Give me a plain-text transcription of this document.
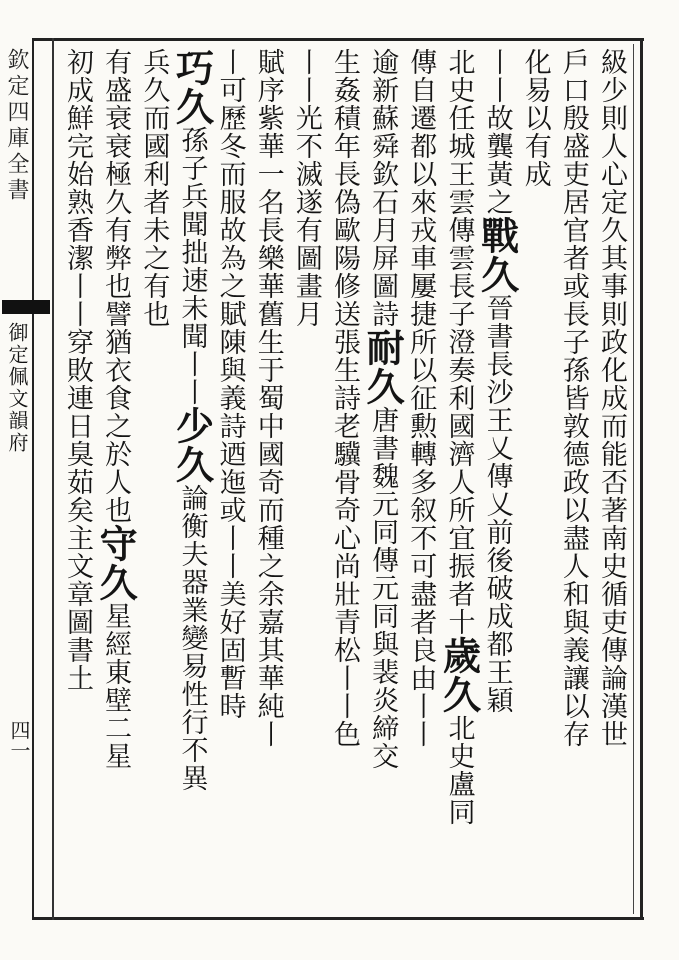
欽定四庫全書
御定佩文韻府
四一	級少則人心定久其事則政化成而能否著南史循吏傳論漢世
戶口殷盛吏居官者或長子孫皆敦德政以盡人和與義讓以存
化易以有成
丨丨故龔黃之戰久晉書長沙王乂傳乂前後破成都王穎
北史任城王雲傳雲長子澄奏利國濟人所宜振者十歲久北史盧同
傳自遷都以來戎車屢捷所以征勲轉多叙不可盡者良由丨丨
逾新蘇舜欽石月屏圖詩耐久唐書魏元同傳元同與裴炎締交
生姦積年長偽歐陽修送張生詩老驥骨奇心尚壯青松丨丨色
丨丨光不滅遂有圖畫月
賦序紫華一名長樂華舊生于蜀中國奇而種之余嘉其華純丨
丨可歷冬而服故為之賦陳與義詩迺迤或丨丨美好固暫時
巧久孫子兵聞拙速未聞丨丨少久論衡夫器業變易性行不異
兵久而國利者未之有也
有盛衰衰極久有弊也譬猶衣食之於人也守久星經東壁二星
初成鮮完始熟香潔丨丨穿敗連日臭茹矣主文章圖書土
